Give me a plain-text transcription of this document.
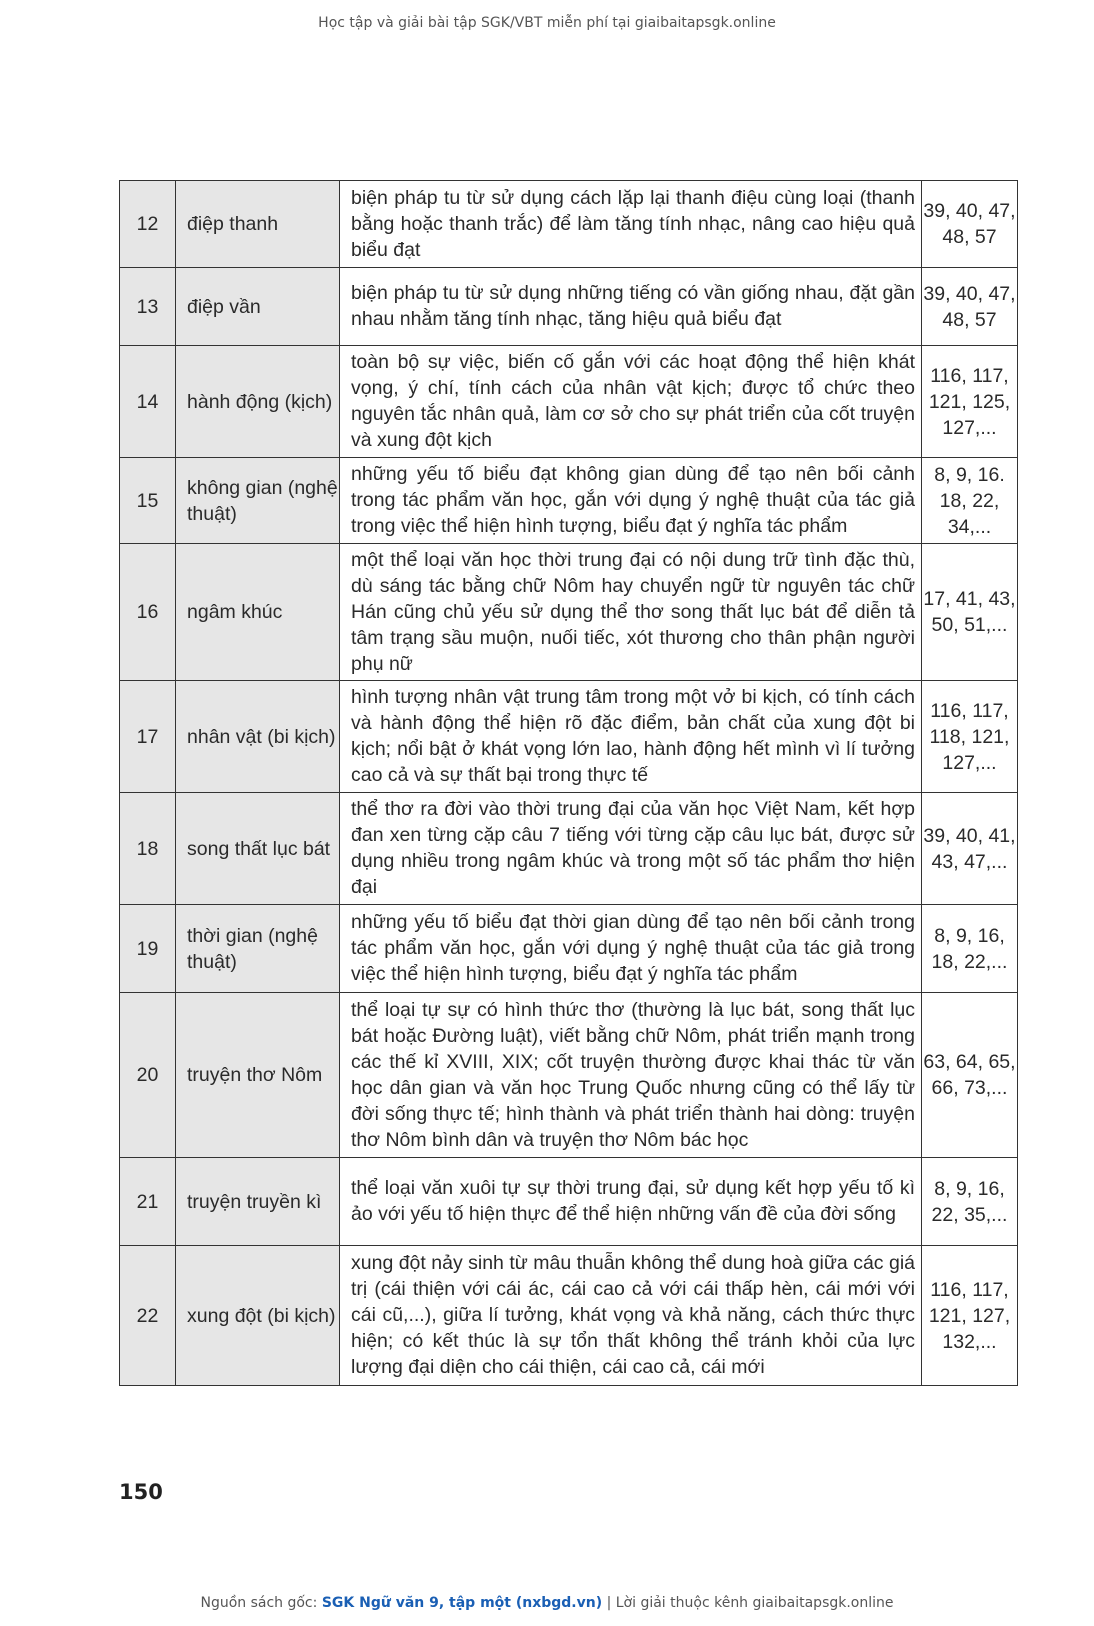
Học tập và giải bài tập SGK/VBT miễn phí tại giaibaitapsgk.online
12	điệp thanh	biện pháp tu từ sử dụng cách lặp lại thanh điệu cùng loại (thanh bằng hoặc thanh trắc) để làm tăng tính nhạc, nâng cao hiệu quả biểu đạt	39, 40, 47, 48, 57
13	điệp vần	biện pháp tu từ sử dụng những tiếng có vần giống nhau, đặt gần nhau nhằm tăng tính nhạc, tăng hiệu quả biểu đạt	39, 40, 47, 48, 57
14	hành động (kịch)	toàn bộ sự việc, biến cố gắn với các hoạt động thể hiện khát vọng, ý chí, tính cách của nhân vật kịch; được tổ chức theo nguyên tắc nhân quả, làm cơ sở cho sự phát triển của cốt truyện và xung đột kịch	116, 117, 121, 125, 127,...
15	không gian (nghệ thuật)	những yếu tố biểu đạt không gian dùng để tạo nên bối cảnh trong tác phẩm văn học, gắn với dụng ý nghệ thuật của tác giả trong việc thể hiện hình tượng, biểu đạt ý nghĩa tác phẩm	8, 9, 16. 18, 22, 34,...
16	ngâm khúc	một thể loại văn học thời trung đại có nội dung trữ tình đặc thù, dù sáng tác bằng chữ Nôm hay chuyển ngữ từ nguyên tác chữ Hán cũng chủ yếu sử dụng thể thơ song thất lục bát để diễn tả tâm trạng sầu muộn, nuối tiếc, xót thương cho thân phận người phụ nữ	17, 41, 43, 50, 51,...
17	nhân vật (bi kịch)	hình tượng nhân vật trung tâm trong một vở bi kịch, có tính cách và hành động thể hiện rõ đặc điểm, bản chất của xung đột bi kịch; nổi bật ở khát vọng lớn lao, hành động hết mình vì lí tưởng cao cả và sự thất bại trong thực tế	116, 117, 118, 121, 127,...
18	song thất lục bát	thể thơ ra đời vào thời trung đại của văn học Việt Nam, kết hợp đan xen từng cặp câu 7 tiếng với từng cặp câu lục bát, được sử dụng nhiều trong ngâm khúc và trong một số tác phẩm thơ hiện đại	39, 40, 41, 43, 47,...
19	thời gian (nghệ thuật)	những yếu tố biểu đạt thời gian dùng để tạo nên bối cảnh trong tác phẩm văn học, gắn với dụng ý nghệ thuật của tác giả trong việc thể hiện hình tượng, biểu đạt ý nghĩa tác phẩm	8, 9, 16, 18, 22,...
20	truyện thơ Nôm	thể loại tự sự có hình thức thơ (thường là lục bát, song thất lục bát hoặc Đường luật), viết bằng chữ Nôm, phát triển mạnh trong các thế kỉ XVIII, XIX; cốt truyện thường được khai thác từ văn học dân gian và văn học Trung Quốc nhưng cũng có thể lấy từ đời sống thực tế; hình thành và phát triển thành hai dòng: truyện thơ Nôm bình dân và truyện thơ Nôm bác học	63, 64, 65, 66, 73,...
21	truyện truyền kì	thể loại văn xuôi tự sự thời trung đại, sử dụng kết hợp yếu tố kì ảo với yếu tố hiện thực để thể hiện những vấn đề của đời sống	8, 9, 16, 22, 35,...
22	xung đột (bi kịch)	xung đột nảy sinh từ mâu thuẫn không thể dung hoà giữa các giá trị (cái thiện với cái ác, cái cao cả với cái thấp hèn, cái mới với cái cũ,...), giữa lí tưởng, khát vọng và khả năng, cách thức thực hiện; có kết thúc là sự tổn thất không thể tránh khỏi của lực lượng đại diện cho cái thiện, cái cao cả, cái mới	116, 117, 121, 127, 132,...
150
Nguồn sách gốc: SGK Ngữ văn 9, tập một (nxbgd.vn) | Lời giải thuộc kênh giaibaitapsgk.online
